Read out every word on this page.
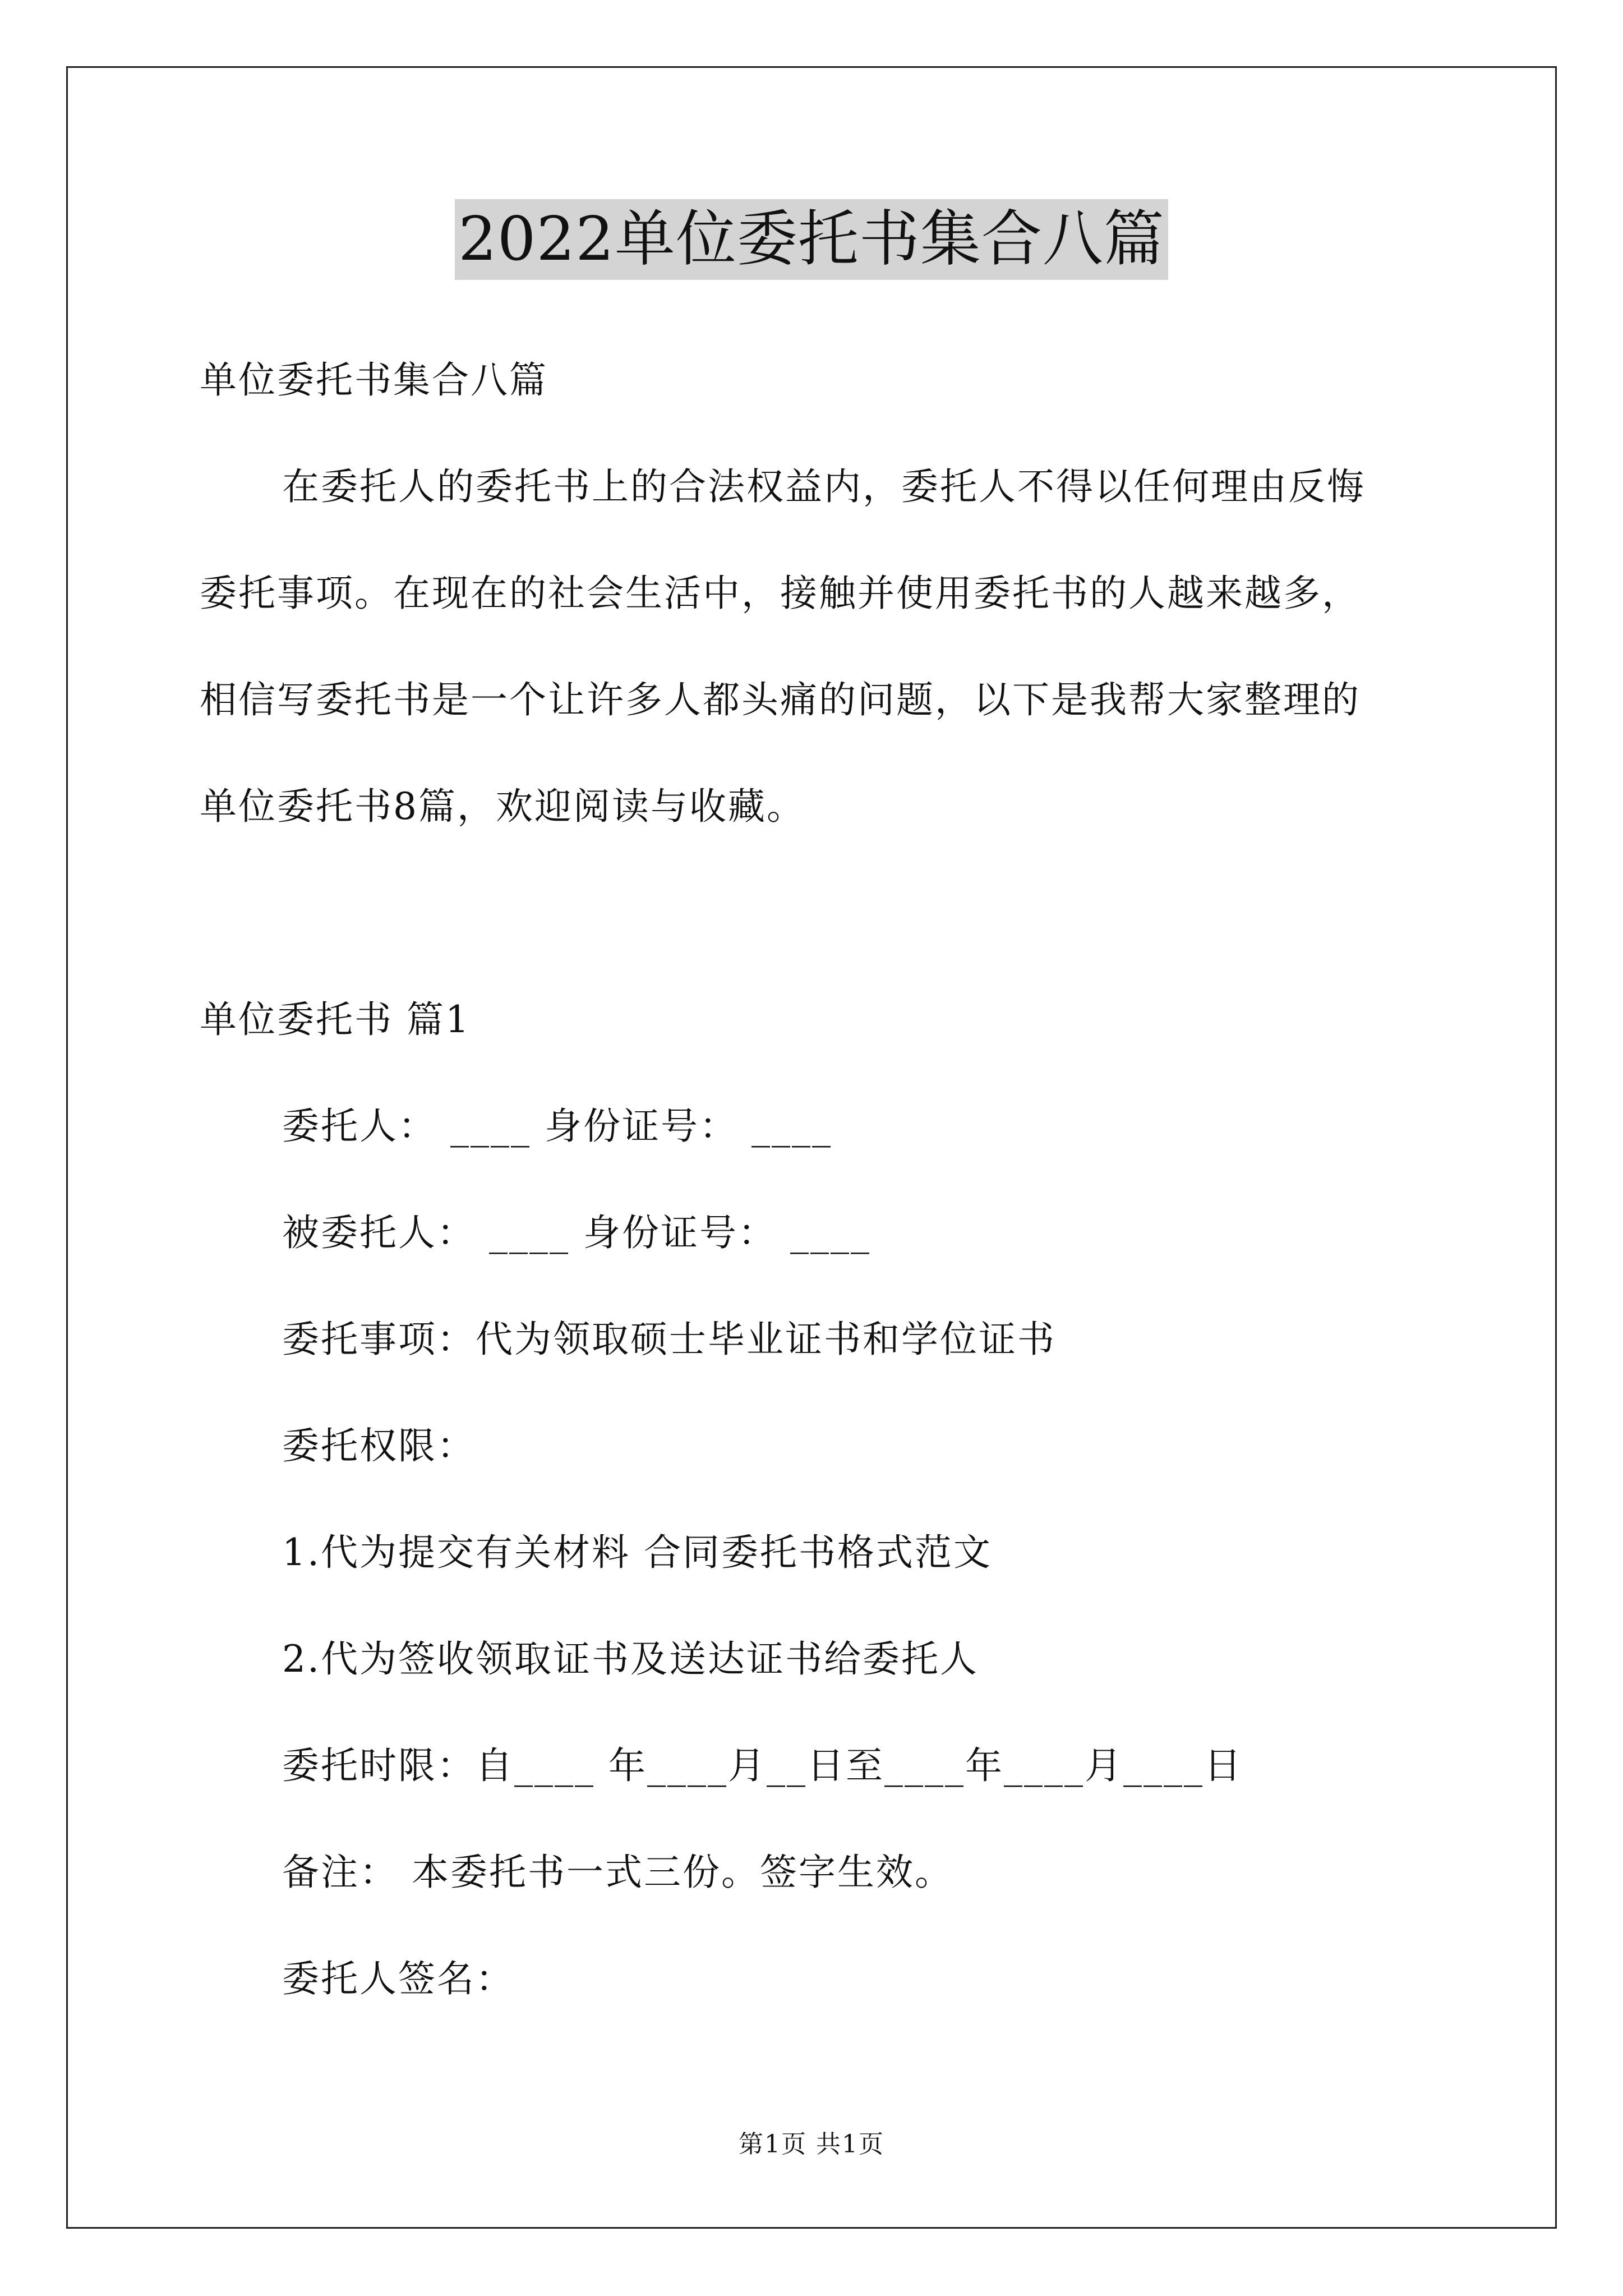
2022单位委托书集合八篇
单位委托书集合八篇
在委托人的委托书上的合法权益内，委托人不得以任何理由反悔
委托事项。在现在的社会生活中，接触并使用委托书的人越来越多，
相信写委托书是一个让许多人都头痛的问题，以下是我帮大家整理的
单位委托书8篇，欢迎阅读与收藏。
单位委托书 篇1
委托人： ____ 身份证号： ____
被委托人： ____ 身份证号： ____
委托事项：代为领取硕士毕业证书和学位证书
委托权限：
1.代为提交有关材料 合同委托书格式范文
2.代为签收领取证书及送达证书给委托人
委托时限：自____ 年____月__日至____年____月____日
备注： 本委托书一式三份。签字生效。
委托人签名：
第1页 共1页
